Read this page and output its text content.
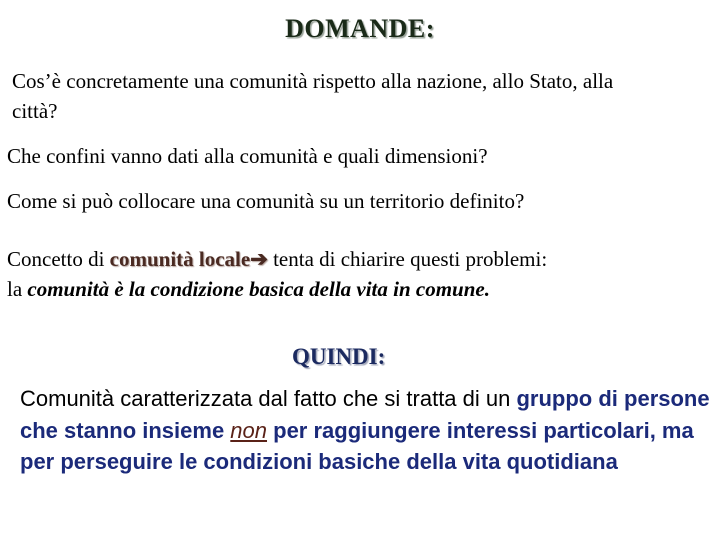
DOMANDE:
Cos’è concretamente una comunità rispetto alla nazione, allo Stato, alla città?
Che confini vanno dati alla comunità e quali dimensioni?
Come si può collocare una comunità su un territorio definito?
Concetto di comunità locale➔ tenta di chiarire questi problemi:
la comunità è la condizione basica della vita in comune.
QUINDI:
Comunità caratterizzata dal fatto che si tratta di un gruppo di persone che stanno insieme non per raggiungere interessi particolari, ma per perseguire le condizioni basiche della vita quotidiana
